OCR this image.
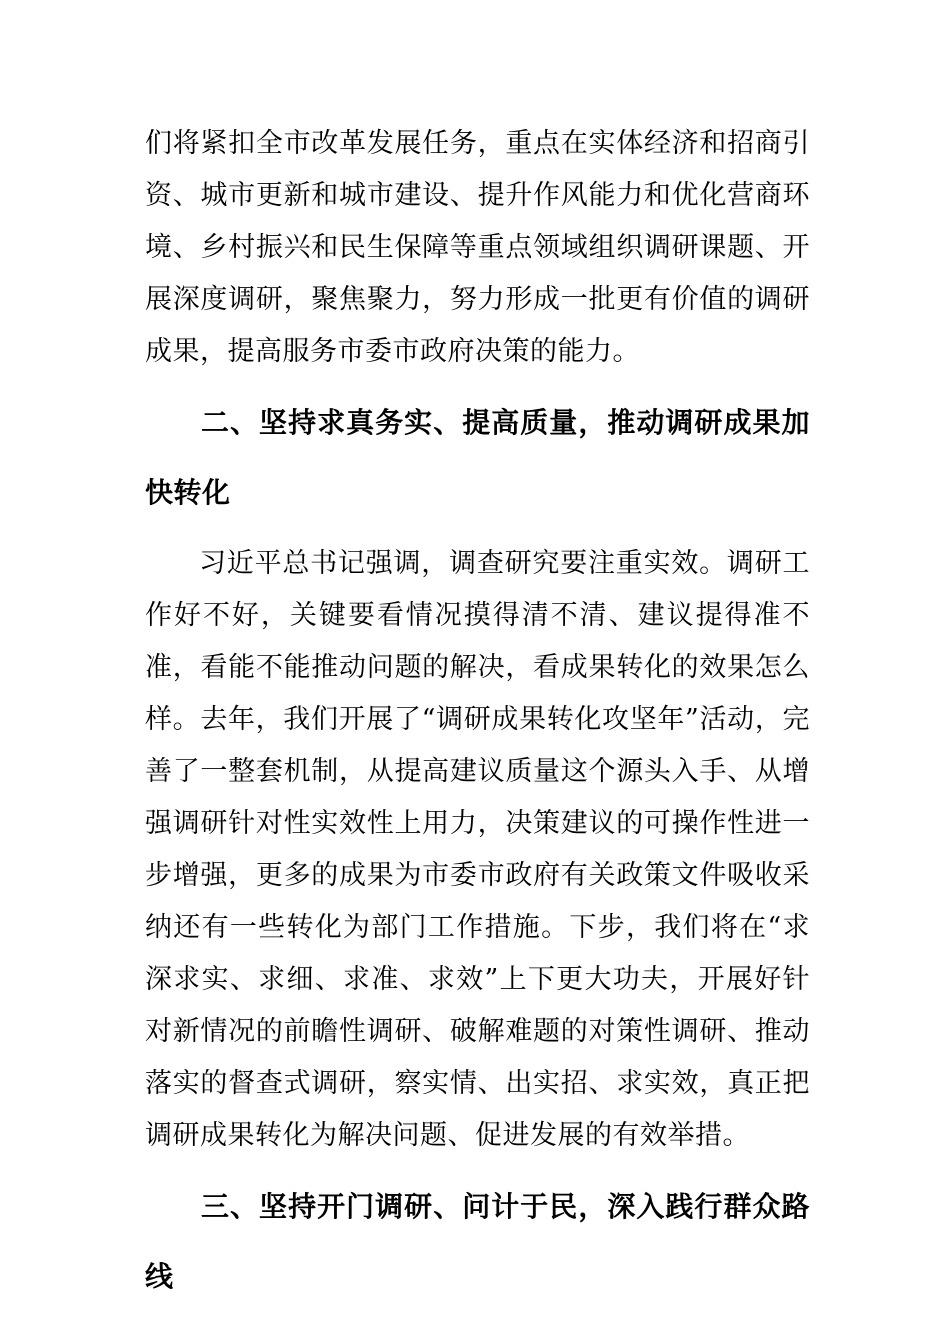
们将紧扣全市改革发展任务，重点在实体经济和招商引资、城市更新和城市建设、提升作风能力和优化营商环境、乡村振兴和民生保障等重点领域组织调研课题、开展深度调研，聚焦聚力，努力形成一批更有价值的调研成果，提高服务市委市政府决策的能力。

二、坚持求真务实、提高质量，推动调研成果加快转化

习近平总书记强调，调查研究要注重实效。调研工作好不好，关键要看情况摸得清不清、建议提得准不准，看能不能推动问题的解决，看成果转化的效果怎么样。去年，我们开展了“调研成果转化攻坚年”活动，完善了一整套机制，从提高建议质量这个源头入手、从增强调研针对性实效性上用力，决策建议的可操作性进一步增强，更多的成果为市委市政府有关政策文件吸收采纳还有一些转化为部门工作措施。下步，我们将在“求深求实、求细、求准、求效”上下更大功夫，开展好针对新情况的前瞻性调研、破解难题的对策性调研、推动落实的督查式调研，察实情、出实招、求实效，真正把调研成果转化为解决问题、促进发展的有效举措。

三、坚持开门调研、问计于民，深入践行群众路线
